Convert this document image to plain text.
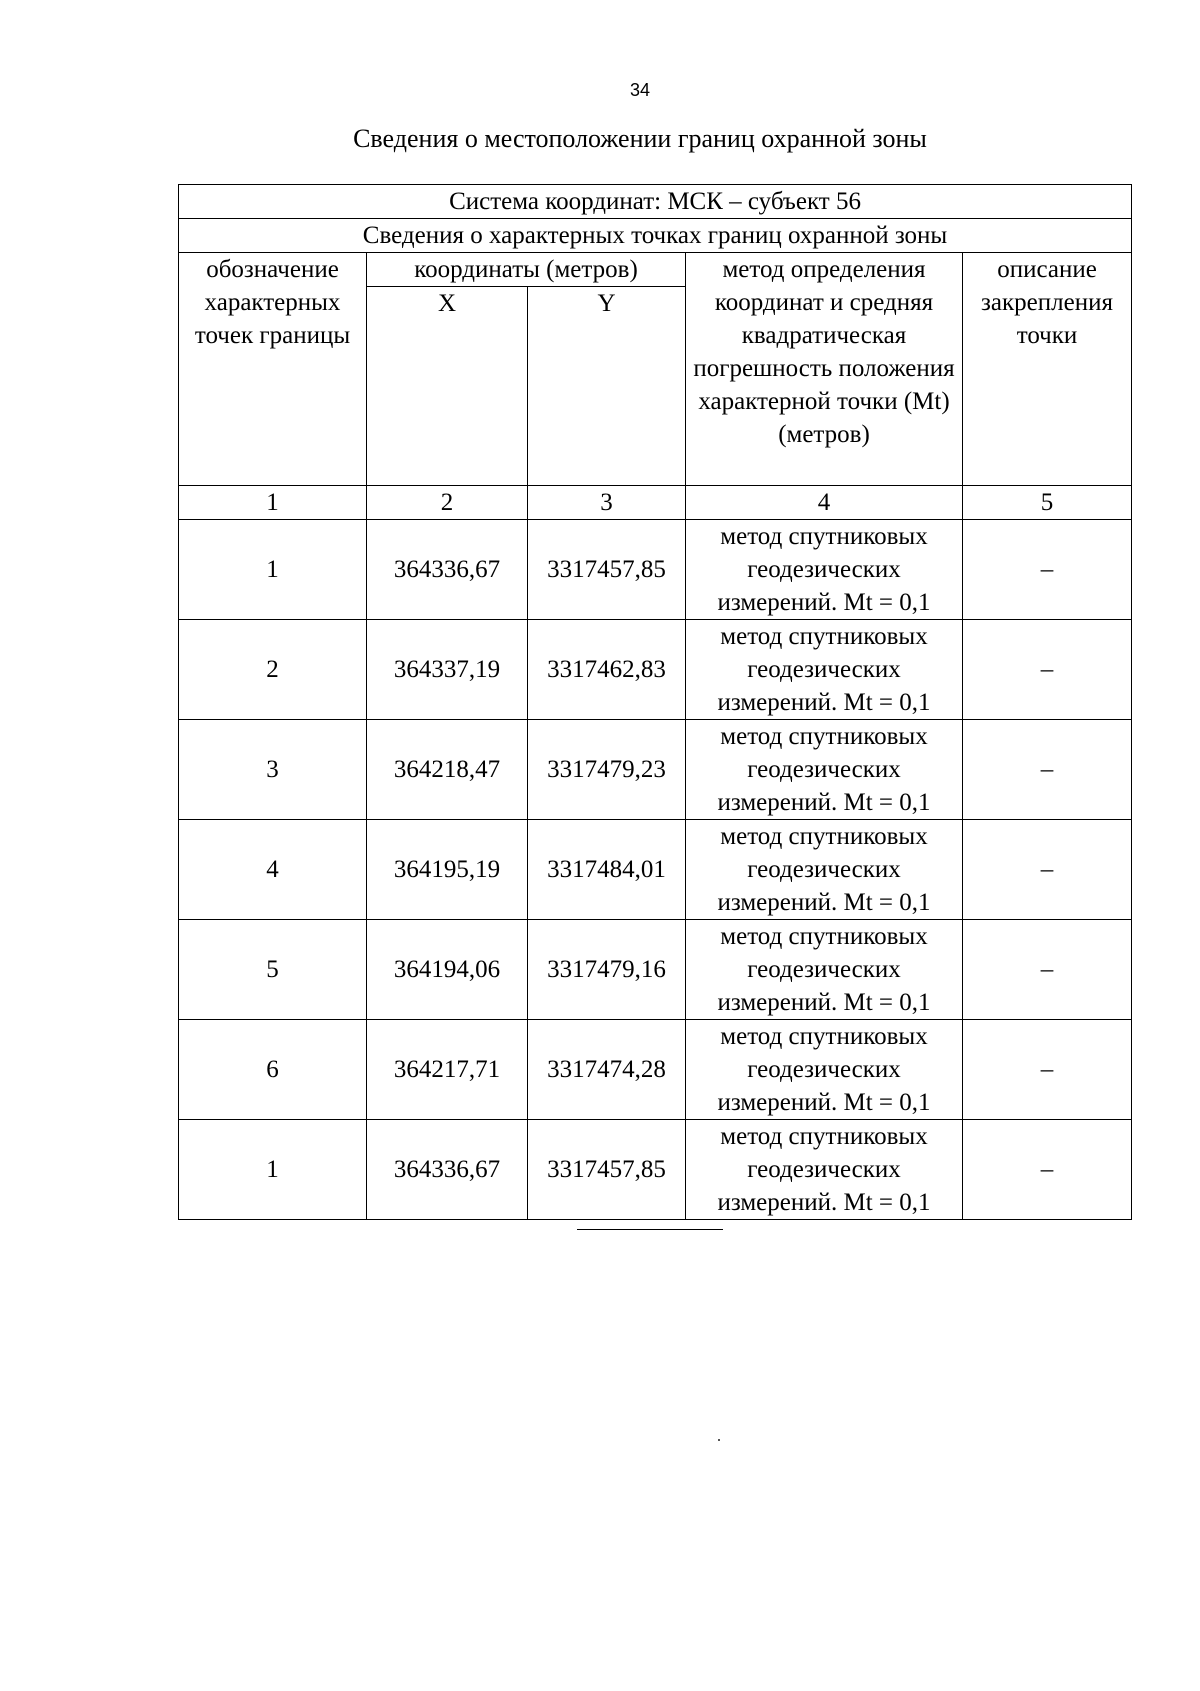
34
Сведения о местоположении границ охранной зоны
Система координат: МСК – субъект 56				
Сведения о характерных точках границ охранной зоны				
обозначение характерных точек границы	координаты (метров)		метод определения координат и средняя квадратическая погрешность положения характерной точки (Mt) (метров)	описание закрепления точки
	X	Y		
1	2	3	4	5
1	364336,67	3317457,85	метод спутниковых геодезических измерений. Mt = 0,1	–
2	364337,19	3317462,83	метод спутниковых геодезических измерений. Mt = 0,1	–
3	364218,47	3317479,23	метод спутниковых геодезических измерений. Mt = 0,1	–
4	364195,19	3317484,01	метод спутниковых геодезических измерений. Mt = 0,1	–
5	364194,06	3317479,16	метод спутниковых геодезических измерений. Mt = 0,1	–
6	364217,71	3317474,28	метод спутниковых геодезических измерений. Mt = 0,1	–
1	364336,67	3317457,85	метод спутниковых геодезических измерений. Mt = 0,1	–
